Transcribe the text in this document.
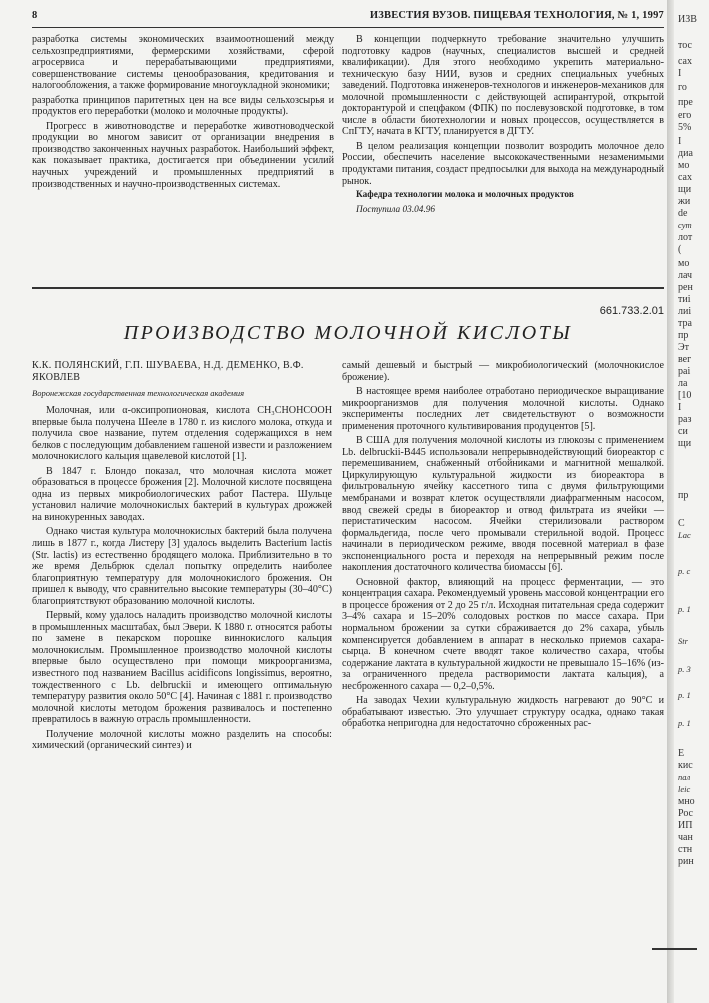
8	ИЗВЕСТИЯ ВУЗОВ. ПИЩЕВАЯ ТЕХНОЛОГИЯ, № 1, 1997

разработка системы экономических взаимоотношений между сельхозпредприятиями, фермерскими хозяйствами, сферой агросервиса и перерабатывающими предприятиями, совершенствование системы ценообразования, кредитования и налогообложения, а также формирование многоукладной экономики;

разработка принципов паритетных цен на все виды сельхозсырья и продуктов его переработки (молоко и молочные продукты).

Прогресс в животноводстве и переработке животноводческой продукции во многом зависит от организации внедрения в производство законченных научных разработок. Наибольший эффект, как показывает практика, достигается при объединении усилий научных учреждений и промышленных предприятий в производственных и научно-производственных системах.

В концепции подчеркнуто требование значительно улучшить подготовку кадров (научных, специалистов высшей и средней квалификации). Для этого необходимо укрепить материально-техническую базу НИИ, вузов и средних специальных учебных заведений. Подготовка инженеров-технологов и инженеров-механиков для молочной промышленности с действующей аспирантурой, открытой докторантурой и спецфаком (ФПК) по послевузовской подготовке, в том числе в области биотехнологии и новых процессов, осуществляется в СпГТУ, начата в КГТУ, планируется в ДГТУ.

В целом реализация концепции позволит возродить молочное дело России, обеспечить население высококачественными незаменимыми продуктами питания, создаст предпосылки для выхода на международный рынок.

Кафедра технологии молока и молочных продуктов

Поступила 03.04.96

661.733.2.01
ПРОИЗВОДСТВО МОЛОЧНОЙ КИСЛОТЫ
К.К. ПОЛЯНСКИЙ, Г.П. ШУВАЕВА, Н.Д. ДЕМЕНКО, В.Ф. ЯКОВЛЕВ
Воронежская государственная технологическая академия

Молочная, или α-оксипропионовая, кислота CH₃CHOHCOOH впервые была получена Шееле в 1780 г. из кислого молока, откуда и получила свое название, путем отделения содержащихся в нем белков с последующим добавлением гашеной извести и разложением молочнокислого кальция щавелевой кислотой [1].

В 1847 г. Блондо показал, что молочная кислота может образоваться в процессе брожения [2]. Молочной кислоте посвящена одна из первых микробиологических работ Пастера. Шульце установил наличие молочнокислых бактерий в культурах дрожжей на винокуренных заводах.

Однако чистая культура молочнокислых бактерий была получена лишь в 1877 г., когда Листеру [3] удалось выделить Bacterium lactis (Str. lactis) из естественно бродящего молока. Приблизительно в то же время Дельбрюк сделал попытку определить наиболее благоприятную температуру для молочнокислого брожения. Он пришел к выводу, что сравнительно высокие температуры (30–40°С) благоприятствуют образованию молочной кислоты.

Первый, кому удалось наладить производство молочной кислоты в промышленных масштабах, был Эвери. К 1880 г. относятся работы по замене в пекарском порошке виннокислого кальция молочнокислым. Промышленное производство молочной кислоты впервые было осуществлено при помощи микроорганизма, известного под названием Bacillus acidificons longissimus, вероятно, тождественного с Lb. delbruckii и имеющего оптимальную температуру развития около 50°С [4]. Начиная с 1881 г. производство молочной кислоты методом брожения развивалось и постепенно превратилось в важную отрасль промышленности.

Получение молочной кислоты можно разделить на способы: химический (органический синтез) и

самый дешевый и быстрый — микробиологический (молочнокислое брожение).

В настоящее время наиболее отработано периодическое выращивание микроорганизмов для получения молочной кислоты. Однако эксперименты последних лет свидетельствуют о возможности применения проточного культивирования продуцентов [5].

В США для получения молочной кислоты из глюкозы с применением Lb. delbruckii-B445 использовали непрерывнодействующий биореактор с перемешиванием, снабженный отбойниками и магнитной мешалкой. Циркулирующую культуральной жидкости из биореактора в фильтровальную ячейку кассетного типа с двумя фильтрующими мембранами и возврат клеток осуществляли диафрагменным насосом, ввод свежей среды в биореактор и отвод фильтрата из ячейки — перистатическим насосом. Ячейки стерилизовали раствором формальдегида, после чего промывали стерильной водой. Процесс начинали в периодическом режиме, вводя посевной материал в фазе экспоненциального роста и переходя на непрерывный режим после накопления достаточного количества биомассы [6].

Основной фактор, влияющий на процесс ферментации, — это концентрация сахара. Рекомендуемый уровень массовой концентрации его в процессе брожения от 2 до 25 г/л. Исходная питательная среда содержит 3–4% сахара и 15–20% солодовых ростков по массе сахара. При нормальном брожении за сутки сбраживается до 2% сахара, убыль компенсируется добавлением в аппарат в несколько приемов сахара-сырца. В конечном счете вводят такое количество сахара, чтобы содержание лактата в культуральной жидкости не превышало 15–16% (из-за ограниченного предела растворимости лактата кальция), а несброженного сахара — 0,2–0,5%.

На заводах Чехии культуральную жидкость нагревают до 90°С и обрабатывают известью. Это улучшает структуру осадка, однако такая обработка непригодна для недостаточно сброженных рас-

ИЗВ
тос
сах
I
го
пре
его
5%
I
диа
мо
сах
щи
жи
de
сут
лот
(
мо
лач
рен
тиі
лиі
тра
пр
Эт
вег
раі
ла
[10
I
раз
си
щи
пр
С
Lac
р. с
р. 1
Str
р. 3
р. 1
р. 1
Е
кис
пал
leic
мно
Рос
ИП
чан
стн
рин
